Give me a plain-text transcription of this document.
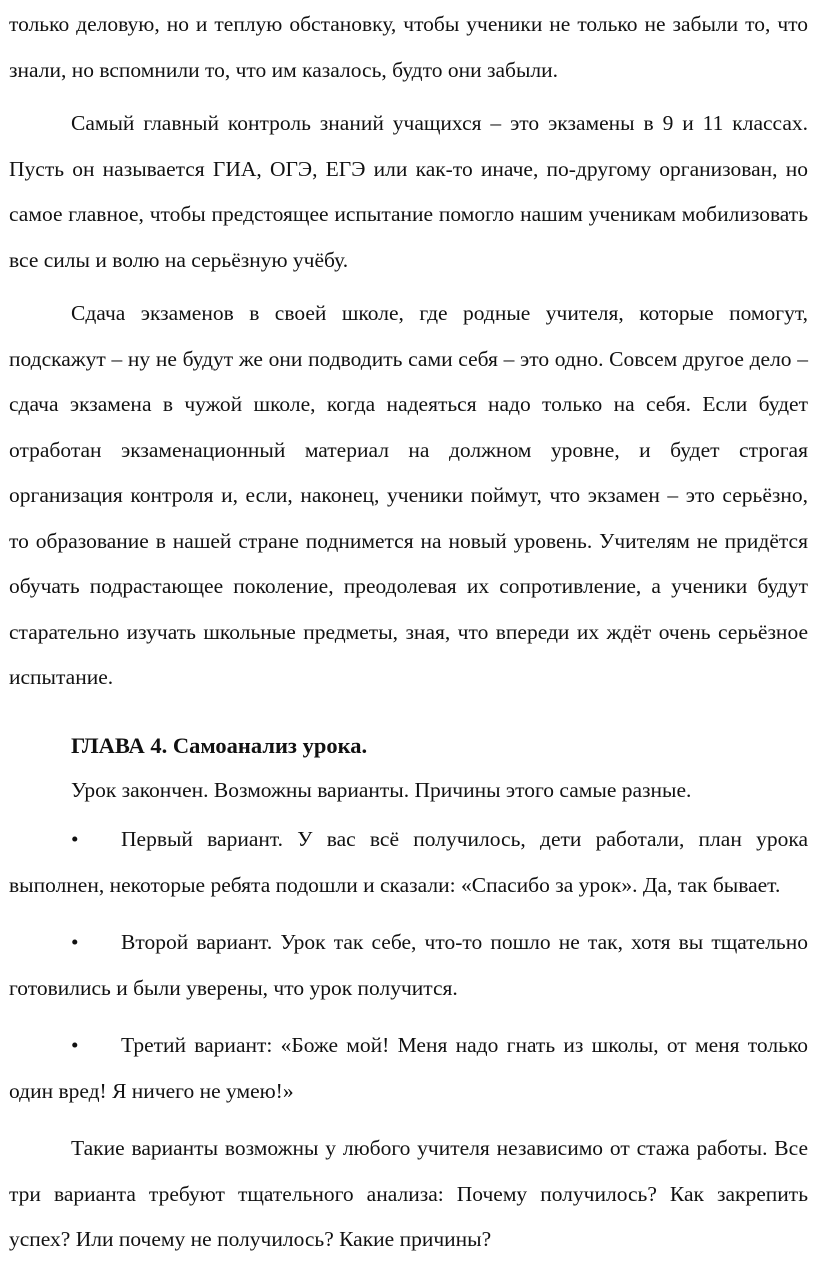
только деловую, но и теплую обстановку, чтобы ученики не только не забыли то, что знали, но вспомнили то, что им казалось, будто они забыли.

Самый главный контроль знаний учащихся – это экзамены в 9 и 11 классах. Пусть он называется ГИА, ОГЭ, ЕГЭ или как-то иначе, по-другому организован, но самое главное, чтобы предстоящее испытание помогло нашим ученикам мобилизовать все силы и волю на серьёзную учёбу.

Сдача экзаменов в своей школе, где родные учителя, которые помогут, подскажут – ну не будут же они подводить сами себя – это одно. Совсем другое дело – сдача экзамена в чужой школе, когда надеяться надо только на себя. Если будет отработан экзаменационный материал на должном уровне, и будет строгая организация контроля и, если, наконец, ученики поймут, что экзамен – это серьёзно, то образование в нашей стране поднимется на новый уровень. Учителям не придётся обучать подрастающее поколение, преодолевая их сопротивление, а ученики будут старательно изучать школьные предметы, зная, что впереди их ждёт очень серьёзное испытание.

ГЛАВА 4. Самоанализ урока.

Урок закончен. Возможны варианты. Причины этого самые разные.

• Первый вариант. У вас всё получилось, дети работали, план урока выполнен, некоторые ребята подошли и сказали: «Спасибо за урок». Да, так бывает.

• Второй вариант. Урок так себе, что-то пошло не так, хотя вы тщательно готовились и были уверены, что урок получится.

• Третий вариант: «Боже мой! Меня надо гнать из школы, от меня только один вред! Я ничего не умею!»

Такие варианты возможны у любого учителя независимо от стажа работы. Все три варианта требуют тщательного анализа: Почему получилось? Как закрепить успех? Или почему не получилось? Какие причины?
